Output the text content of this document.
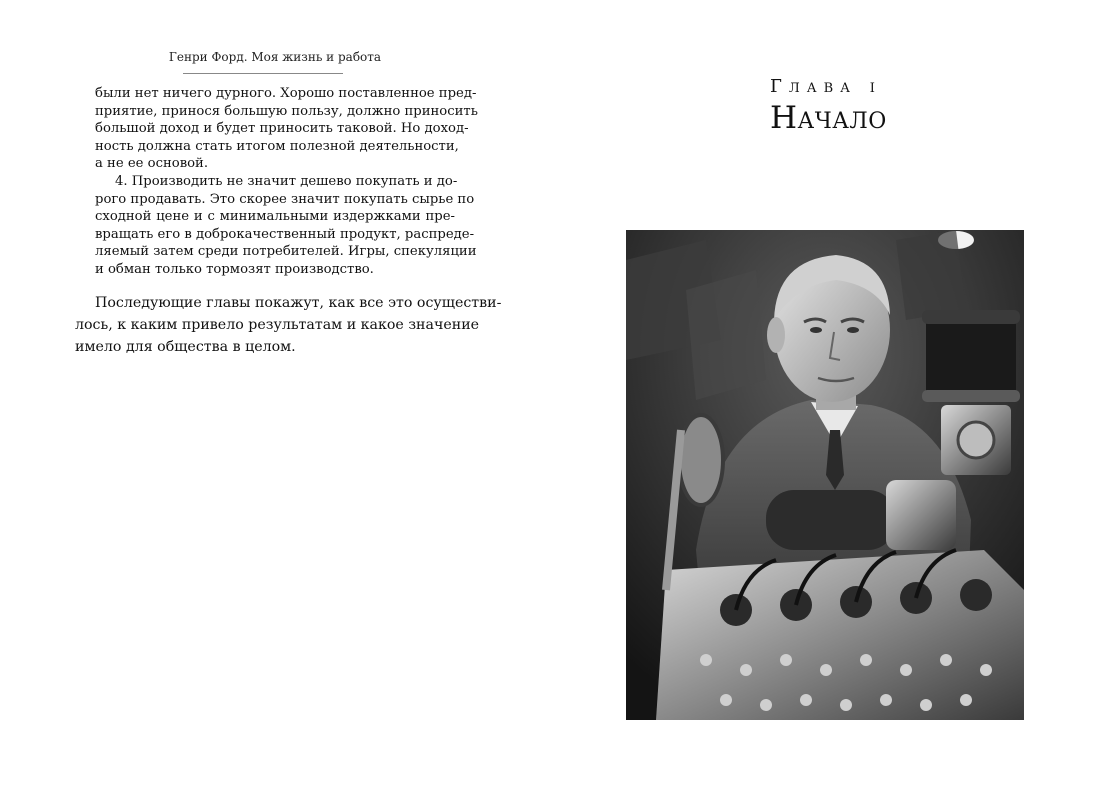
Генри Форд. Моя жизнь и работа
были нет ничего дурного. Хорошо поставленное пред-
приятие, принося большую пользу, должно приносить
большой доход и будет приносить таковой. Но доход-
ность должна стать итогом полезной деятельности,
а не ее основой.
4. Производить не значит дешево покупать и до-
рого продавать. Это скорее значит покупать сырье по
сходной цене и с минимальными издержками пре-
вращать его в доброкачественный продукт, распреде-
ляемый затем среди потребителей. Игры, спекуляции
и обман только тормозят производство.
Последующие главы покажут, как все это осуществи-
лось, к каким привело результатам и какое значение
имело для общества в целом.
Глава i
Начало
